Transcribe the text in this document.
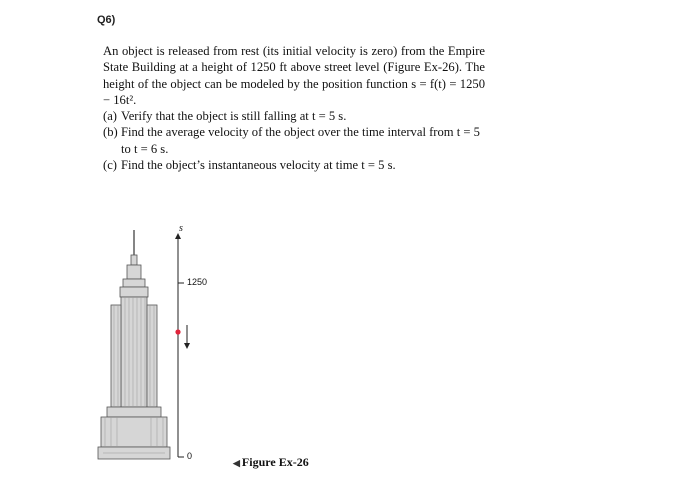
Q6)

An object is released from rest (its initial velocity is zero) from the Empire State Building at a height of 1250 ft above street level (Figure Ex-26). The height of the object can be modeled by the position function s = f(t) = 1250 − 16t².

(a) Verify that the object is still falling at t = 5 s.
(b) Find the average velocity of the object over the time interval from t = 5 to t = 6 s.
(c) Find the object’s instantaneous velocity at time t = 5 s.
s
1250
0
◀ Figure Ex-26
